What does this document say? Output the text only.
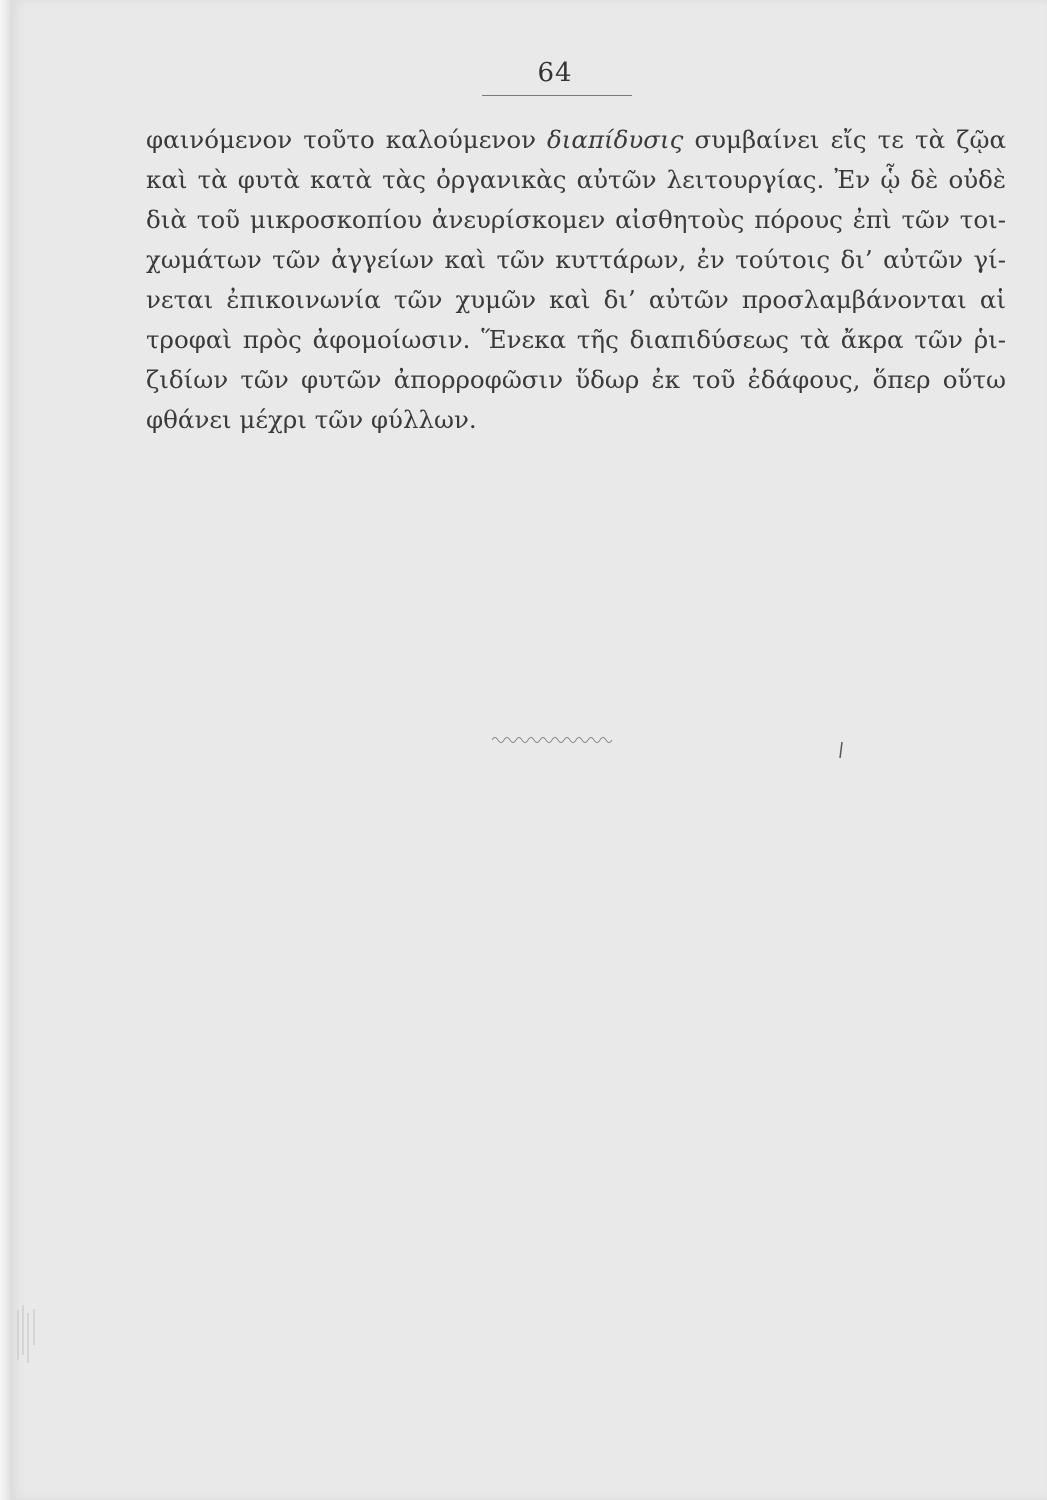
64
φαινόμενον τοῦτο καλούμενον διαπίδυσις συμβαίνει εἴς τε τὰ ζῷα
καὶ τὰ φυτὰ κατὰ τὰς ὀργανικὰς αὐτῶν λειτουργίας. Ἐν ᾧ δὲ οὐδὲ
διὰ τοῦ μικροσκοπίου ἀνευρίσκομεν αἰσθητοὺς πόρους ἐπὶ τῶν τοι-
χωμάτων τῶν ἀγγείων καὶ τῶν κυττάρων, ἐν τούτοις δι’ αὐτῶν γί-
νεται ἐπικοινωνία τῶν χυμῶν καὶ δι’ αὐτῶν προσλαμβάνονται αἱ
τροφαὶ πρὸς ἀφομοίωσιν. Ἕνεκα τῆς διαπιδύσεως τὰ ἄκρα τῶν ῥι-
ζιδίων τῶν φυτῶν ἀπορροφῶσιν ὕδωρ ἐκ τοῦ ἐδάφους, ὅπερ οὕτω
φθάνει μέχρι τῶν φύλλων.
